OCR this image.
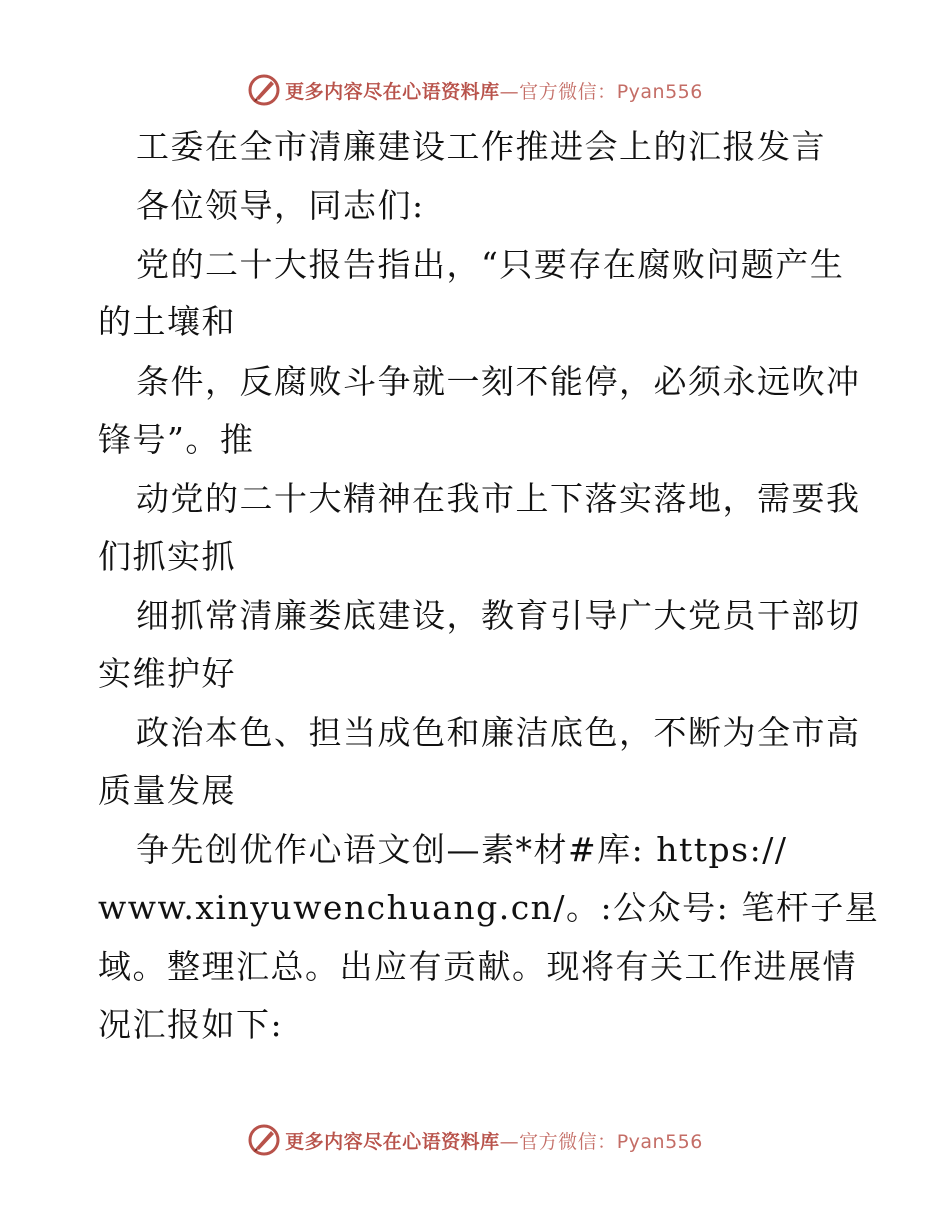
更多内容尽在心语资料库—官方微信：Pyan556
工委在全市清廉建设工作推进会上的汇报发言
各位领导，同志们:
党的二十大报告指出，“只要存在腐败问题产生
的土壤和
条件，反腐败斗争就一刻不能停，必须永远吹冲
锋号”。推
动党的二十大精神在我市上下落实落地，需要我
们抓实抓
细抓常清廉娄底建设，教育引导广大党员干部切
实维护好
政治本色、担当成色和廉洁底色，不断为全市高
质量发展
争先创优作心语文创—素*材#库: https://
www.xinyuwenchuang.cn/。:公众号: 笔杆子星
域。整理汇总。出应有贡献。现将有关工作进展情
况汇报如下:
更多内容尽在心语资料库—官方微信：Pyan556
